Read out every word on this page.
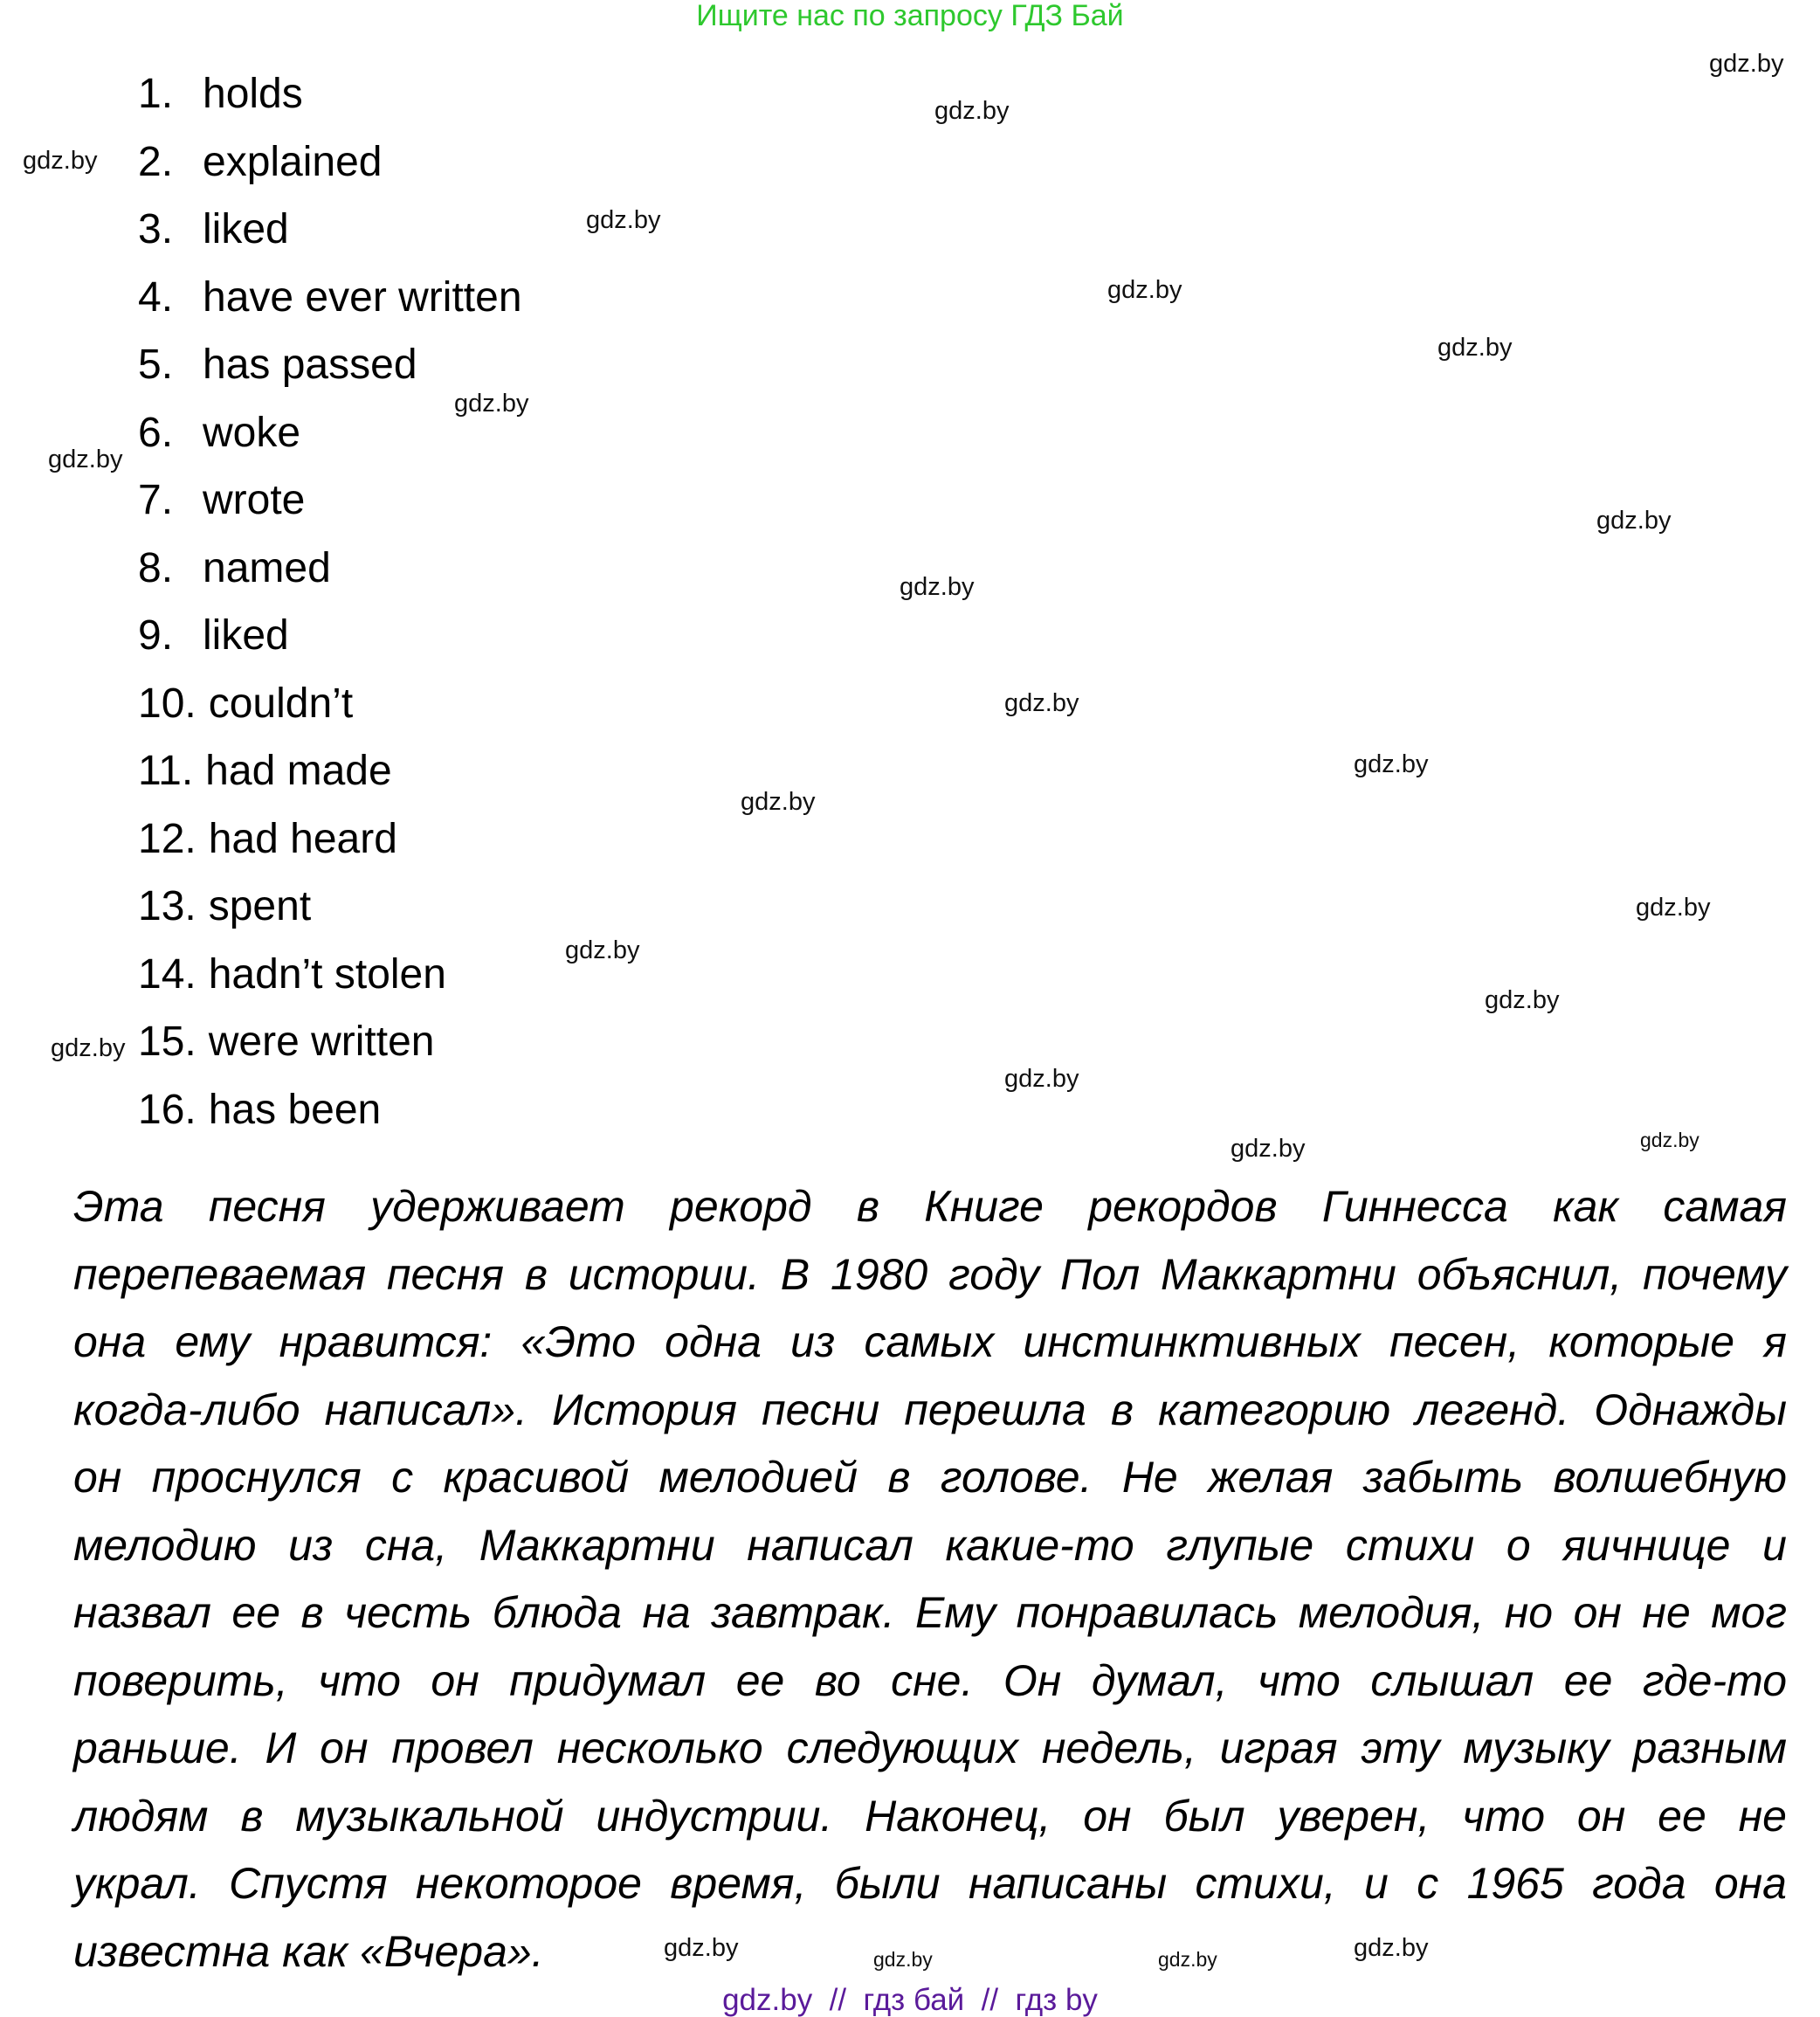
Ищите нас по запросу ГДЗ Бай
1. holds
2. explained
3. liked
4. have ever written
5. has passed
6. woke
7. wrote
8. named
9. liked
10. couldn’t
11. had made
12. had heard
13. spent
14. hadn’t stolen
15. were written
16. has been
Эта песня удерживает рекорд в Книге рекордов Гиннесса как самая
перепеваемая песня в истории. В 1980 году Пол Маккартни объяснил, почему
она ему нравится: «Это одна из самых инстинктивных песен, которые я
когда-либо написал». История песни перешла в категорию легенд. Однажды
он проснулся с красивой мелодией в голове. Не желая забыть волшебную
мелодию из сна, Маккартни написал какие-то глупые стихи о яичнице и
назвал ее в честь блюда на завтрак. Ему понравилась мелодия, но он не мог
поверить, что он придумал ее во сне. Он думал, что слышал ее где-то
раньше. И он провел несколько следующих недель, играя эту музыку разным
людям в музыкальной индустрии. Наконец, он был уверен, что он ее не
украл. Спустя некоторое время, были написаны стихи, и с 1965 года она
известна как «Вчера».
gdz.by
gdz.by
gdz.by
gdz.by
gdz.by
gdz.by
gdz.by
gdz.by
gdz.by
gdz.by
gdz.by
gdz.by
gdz.by
gdz.by
gdz.by
gdz.by
gdz.by
gdz.by
gdz.by
gdz.by
gdz.by	gdz.by
gdz.by	gdz.by
gdz.by  //  гдз бай  //  гдз by
